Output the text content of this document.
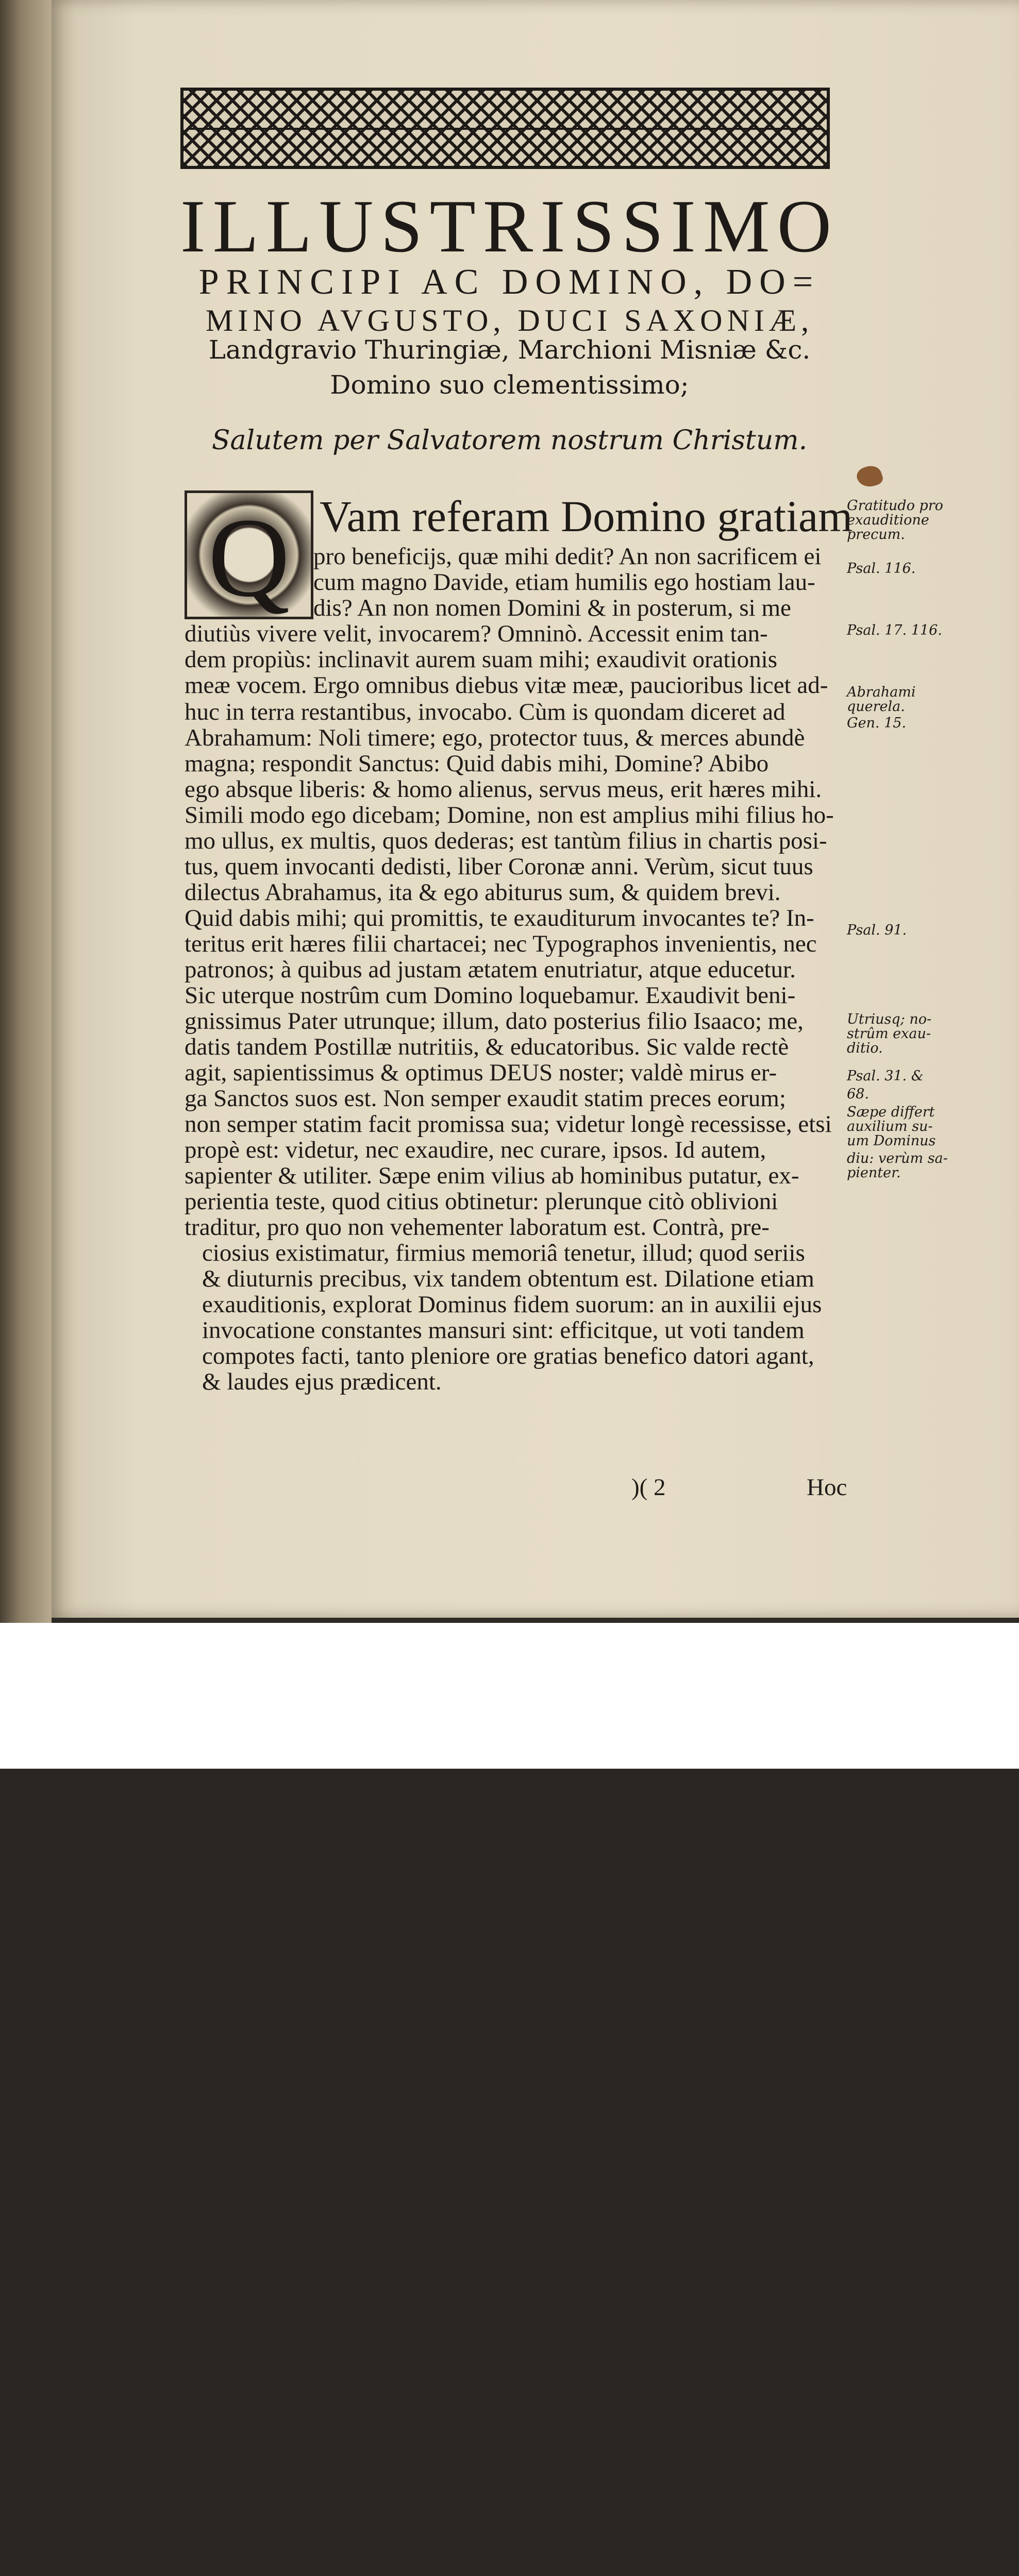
ILLUSTRISSIMO
PRINCIPI AC DOMINO, DO=
MINO AVGUSTO, DUCI SAXONIÆ,
Landgravio Thuringiæ, Marchioni Misniæ &c.
Domino suo clementissimo;
Salutem per Salvatorem nostrum Christum.
Q Vam referam Domino gratiam
pro beneficijs, quæ mihi dedit? An non sacrificem ei
cum magno Davide, etiam humilis ego hostiam lau-
dis? An non nomen Domini & in posterum, si me
diutiùs vivere velit, invocarem? Omninò. Accessit enim tan-
dem propiùs: inclinavit aurem suam mihi; exaudivit orationis
meæ vocem. Ergo omnibus diebus vitæ meæ, paucioribus licet ad-
huc in terra restantibus, invocabo. Cùm is quondam diceret ad
Abrahamum: Noli timere; ego, protector tuus, & merces abundè
magna; respondit Sanctus: Quid dabis mihi, Domine? Abibo
ego absque liberis: & homo alienus, servus meus, erit hæres mihi.
Simili modo ego dicebam; Domine, non est amplius mihi filius ho-
mo ullus, ex multis, quos dederas; est tantùm filius in chartis posi-
tus, quem invocanti dedisti, liber Coronæ anni. Verùm, sicut tuus
dilectus Abrahamus, ita & ego abiturus sum, & quidem brevi.
Quid dabis mihi; qui promittis, te exauditurum invocantes te? In-
teritus erit hæres filii chartacei; nec Typographos invenientis, nec
patronos; à quibus ad justam ætatem enutriatur, atque educetur.
Sic uterque nostrûm cum Domino loquebamur. Exaudivit beni-
gnissimus Pater utrunque; illum, dato posterius filio Isaaco; me,
datis tandem Postillæ nutritiis, & educatoribus. Sic valde rectè
agit, sapientissimus & optimus DEUS noster; valdè mirus er-
ga Sanctos suos est. Non semper exaudit statim preces eorum;
non semper statim facit promissa sua; videtur longè recessisse, etsi
propè est: videtur, nec exaudire, nec curare, ipsos. Id autem,
sapienter & utiliter. Sæpe enim vilius ab hominibus putatur, ex-
perientia teste, quod citius obtinetur: plerunque citò oblivioni
traditur, pro quo non vehementer laboratum est. Contrà, pre-
ciosius existimatur, firmius memoriâ tenetur, illud; quod seriis
& diuturnis precibus, vix tandem obtentum est. Dilatione etiam
exauditionis, explorat Dominus fidem suorum: an in auxilii ejus
invocatione constantes mansuri sint: efficitque, ut voti tandem
compotes facti, tanto pleniore ore gratias benefico datori agant,
& laudes ejus prædicent.
Gratitudo pro
exauditione
precum.
Psal. 116.
Psal. 17. 116.
Abrahami
querela.
Gen. 15.
Psal. 91.
Utriusq; no-
strûm exau-
ditio.
Psal. 31. &
68.
Sæpe differt
auxilium su-
um Dominus
diu: verùm sa-
pienter.
)( 2	Hoc
